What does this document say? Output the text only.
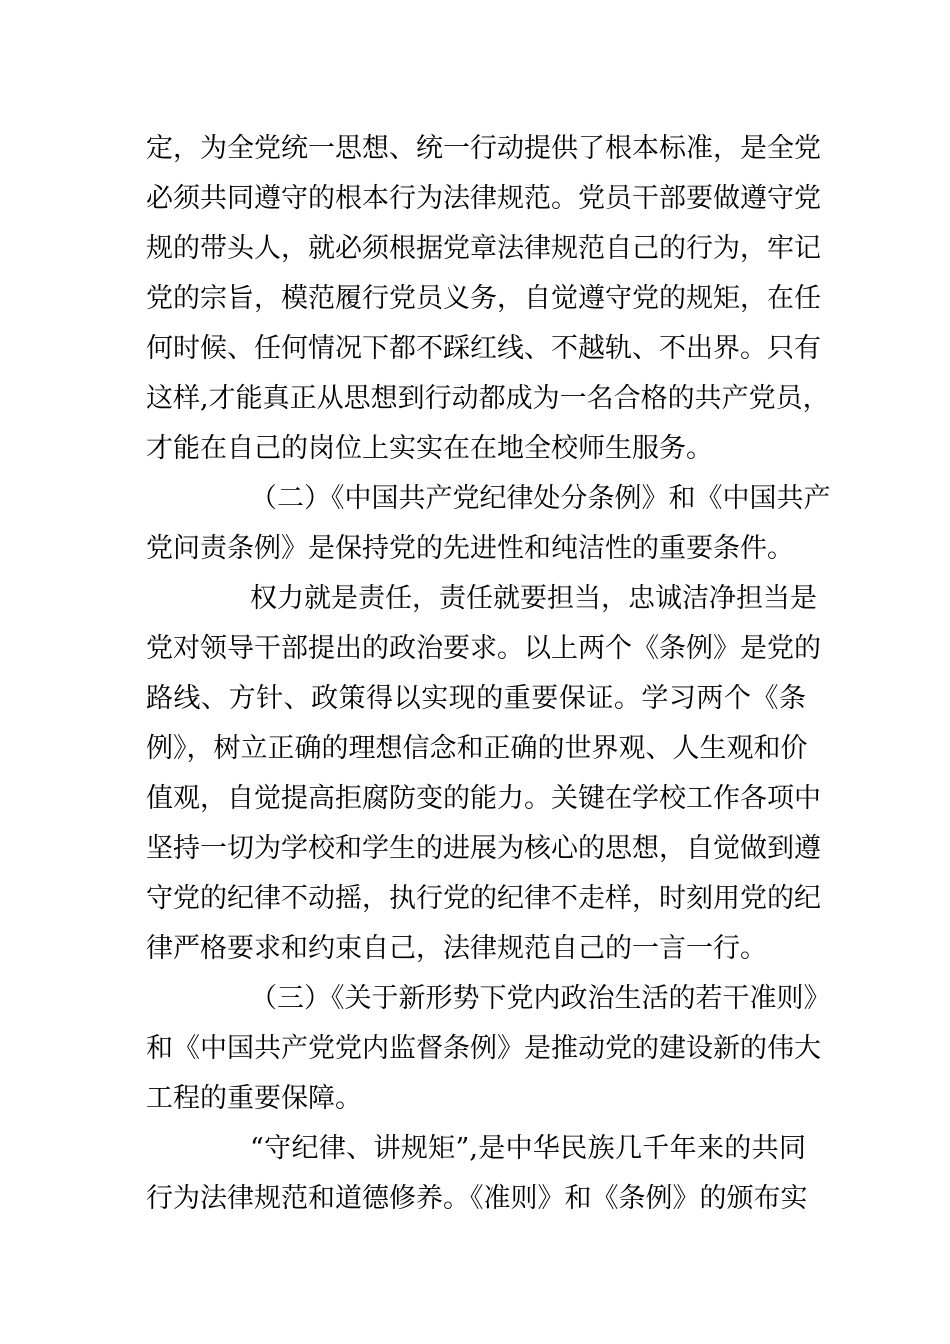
定，为全党统一思想、统一行动提供了根本标准，是全党
必须共同遵守的根本行为法律规范。党员干部要做遵守党
规的带头人，就必须根据党章法律规范自己的行为，牢记
党的宗旨，模范履行党员义务，自觉遵守党的规矩，在任
何时候、任何情况下都不踩红线、不越轨、不出界。只有
这样,才能真正从思想到行动都成为一名合格的共产党员，
才能在自己的岗位上实实在在地全校师生服务。
（二）《中国共产党纪律处分条例》和《中国共产
党问责条例》是保持党的先进性和纯洁性的重要条件。
权力就是责任，责任就要担当，忠诚洁净担当是
党对领导干部提出的政治要求。以上两个《条例》是党的
路线、方针、政策得以实现的重要保证。学习两个《条
例》，树立正确的理想信念和正确的世界观、人生观和价
值观，自觉提高拒腐防变的能力。关键在学校工作各项中
坚持一切为学校和学生的进展为核心的思想，自觉做到遵
守党的纪律不动摇，执行党的纪律不走样，时刻用党的纪
律严格要求和约束自己，法律规范自己的一言一行。
（三）《关于新形势下党内政治生活的若干准则》
和《中国共产党党内监督条例》是推动党的建设新的伟大
工程的重要保障。
“守纪律、讲规矩”,是中华民族几千年来的共同
行为法律规范和道德修养。《准则》和《条例》的颁布实
